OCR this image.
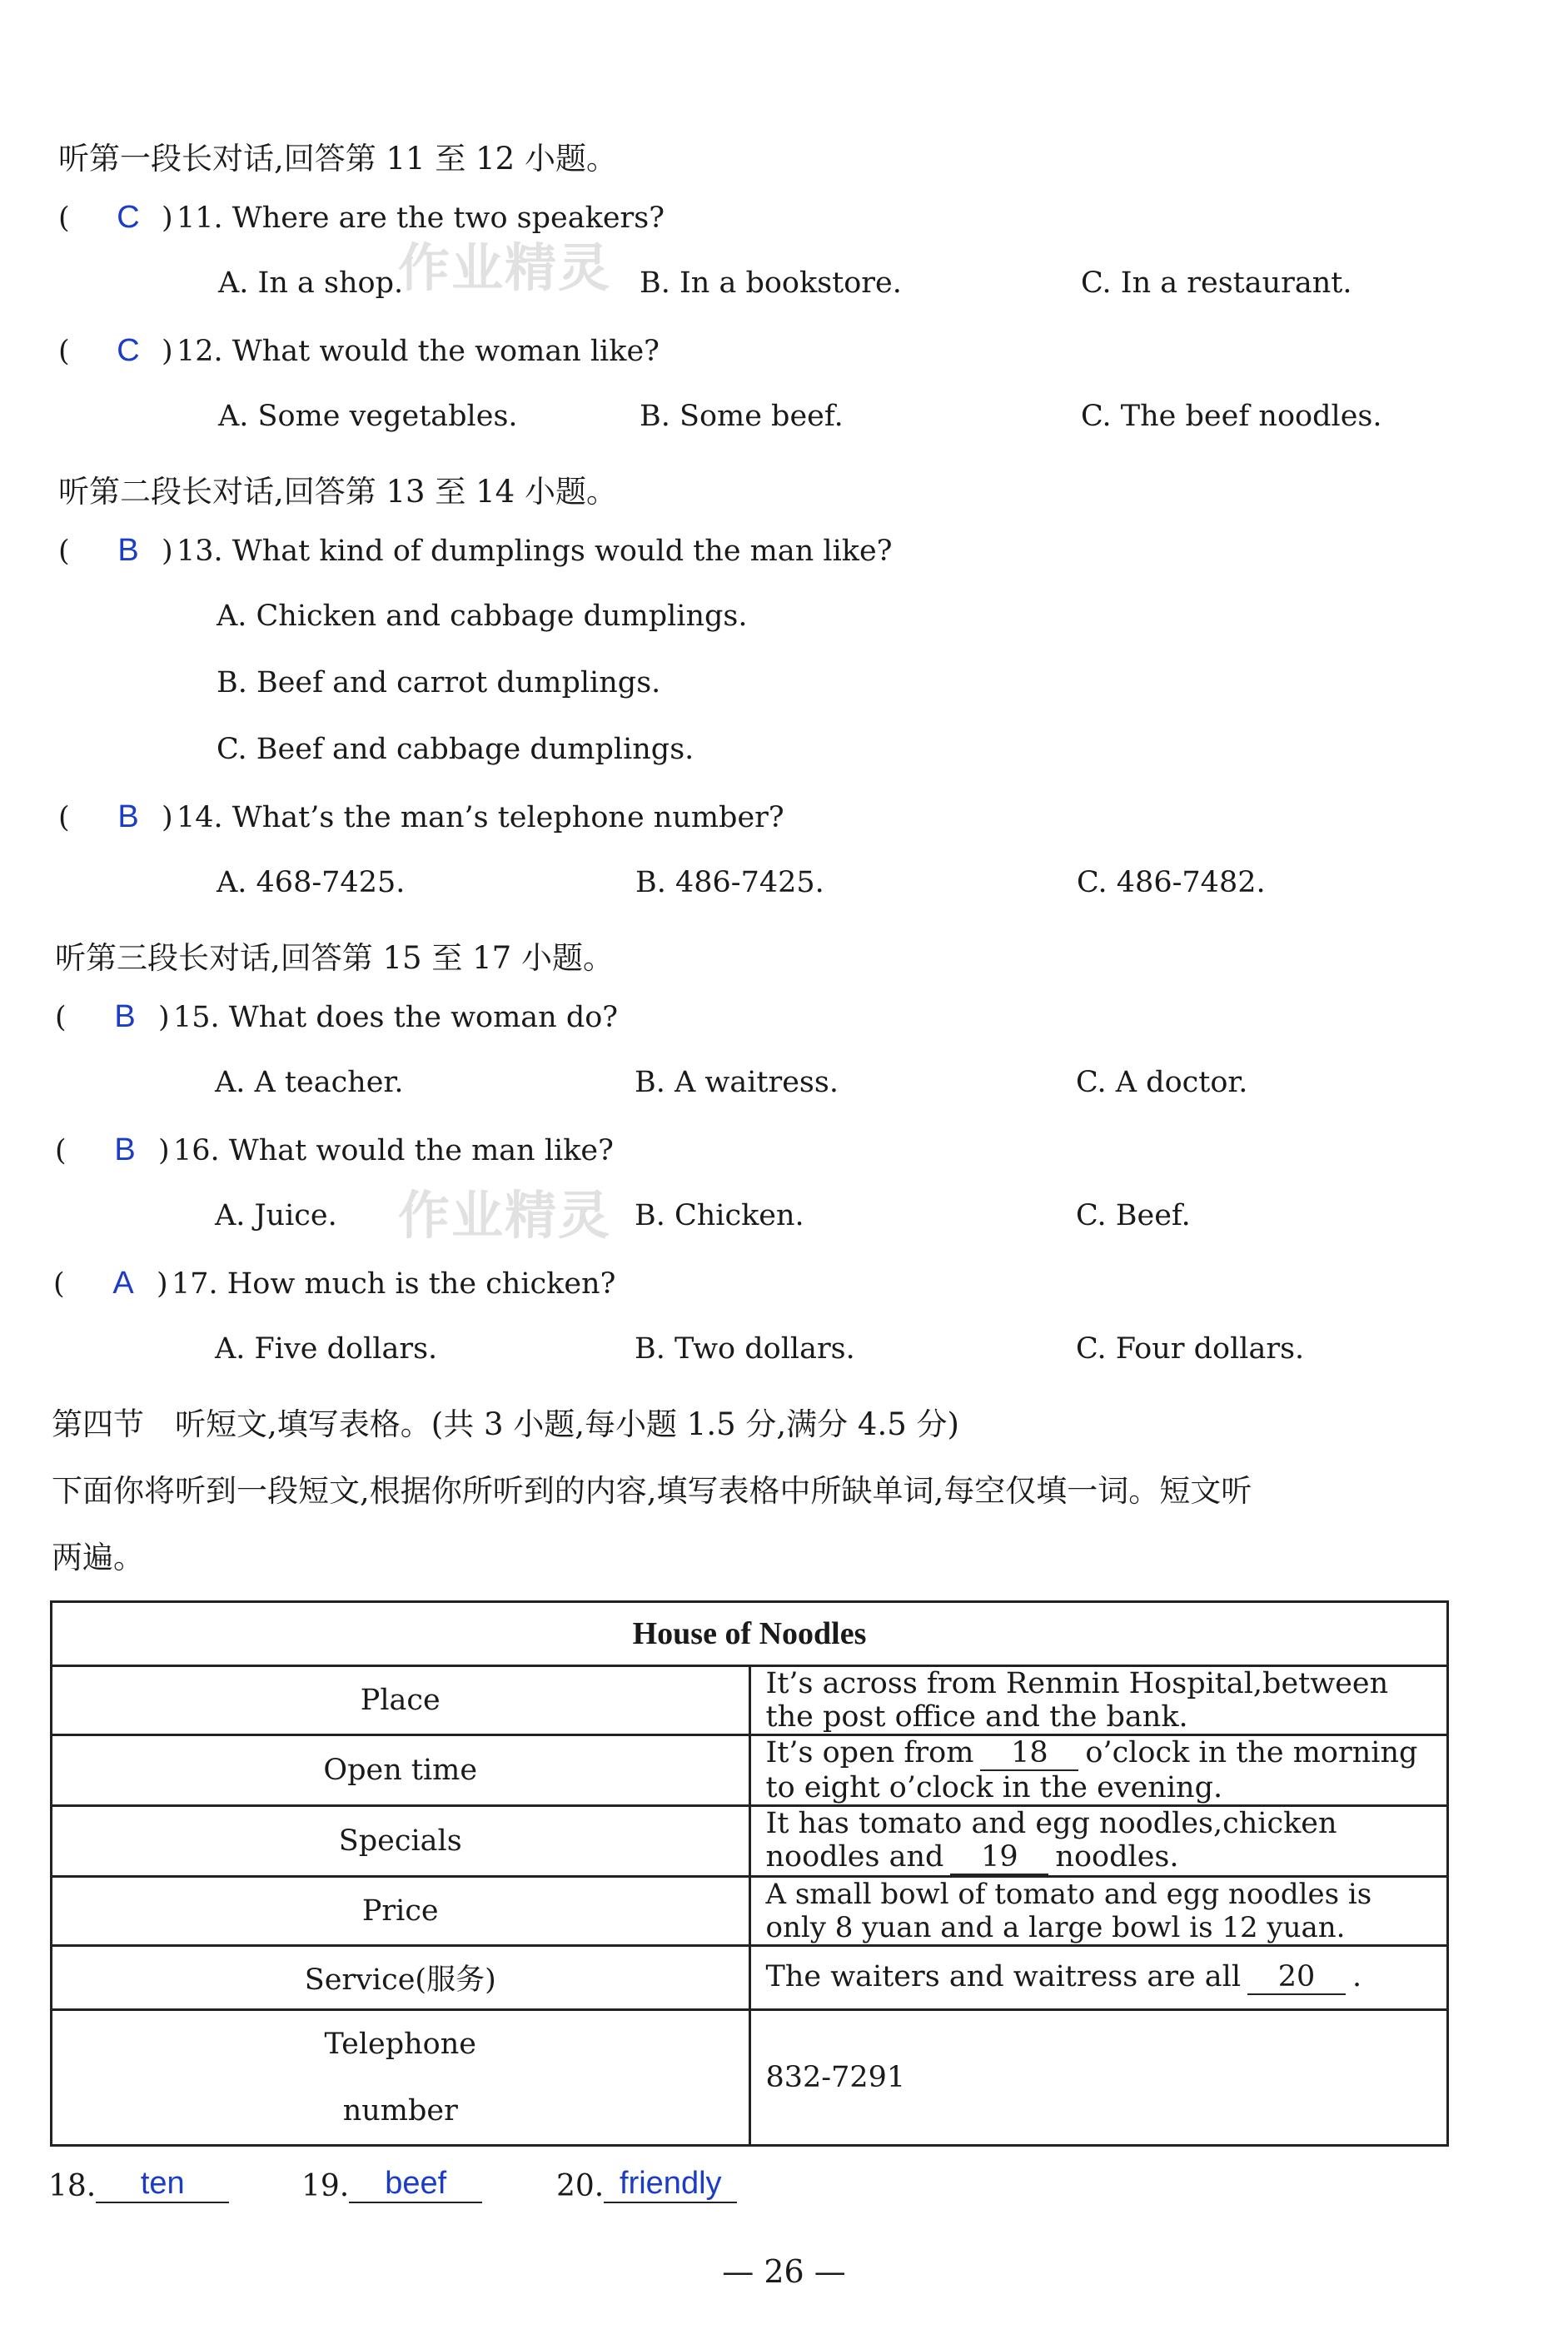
听第一段长对话,回答第 11 至 12 小题。
( C ) 11. Where are the two speakers?
A. In a shop.	B. In a bookstore.	C. In a restaurant.
( C ) 12. What would the woman like?
A. Some vegetables.	B. Some beef.	C. The beef noodles.
听第二段长对话,回答第 13 至 14 小题。
( B ) 13. What kind of dumplings would the man like?
A. Chicken and cabbage dumplings.
B. Beef and carrot dumplings.
C. Beef and cabbage dumplings.
( B ) 14. What’s the man’s telephone number?
A. 468-7425.	B. 486-7425.	C. 486-7482.
听第三段长对话,回答第 15 至 17 小题。
( B ) 15. What does the woman do?
A. A teacher.	B. A waitress.	C. A doctor.
( B ) 16. What would the man like?
A. Juice.	B. Chicken.	C. Beef.
( A ) 17. How much is the chicken?
A. Five dollars.	B. Two dollars.	C. Four dollars.
第四节　听短文,填写表格。(共 3 小题,每小题 1.5 分,满分 4.5 分)
下面你将听到一段短文,根据你所听到的内容,填写表格中所缺单词,每空仅填一词。短文听
两遍。
House of Noodles	
Place	It’s across from Renmin Hospital,between the post office and the bank.
Open time	It’s open from 18 o’clock in the morning to eight o’clock in the evening.
Specials	It has tomato and egg noodles,chicken noodles and 19 noodles.
Price	A small bowl of tomato and egg noodles is only 8 yuan and a large bowl is 12 yuan.
Service(服务)	The waiters and waitress are all 20 .
Telephone
number	832-7291
18. ten	19. beef	20. friendly
作业精灵
作业精灵
— 26 —
